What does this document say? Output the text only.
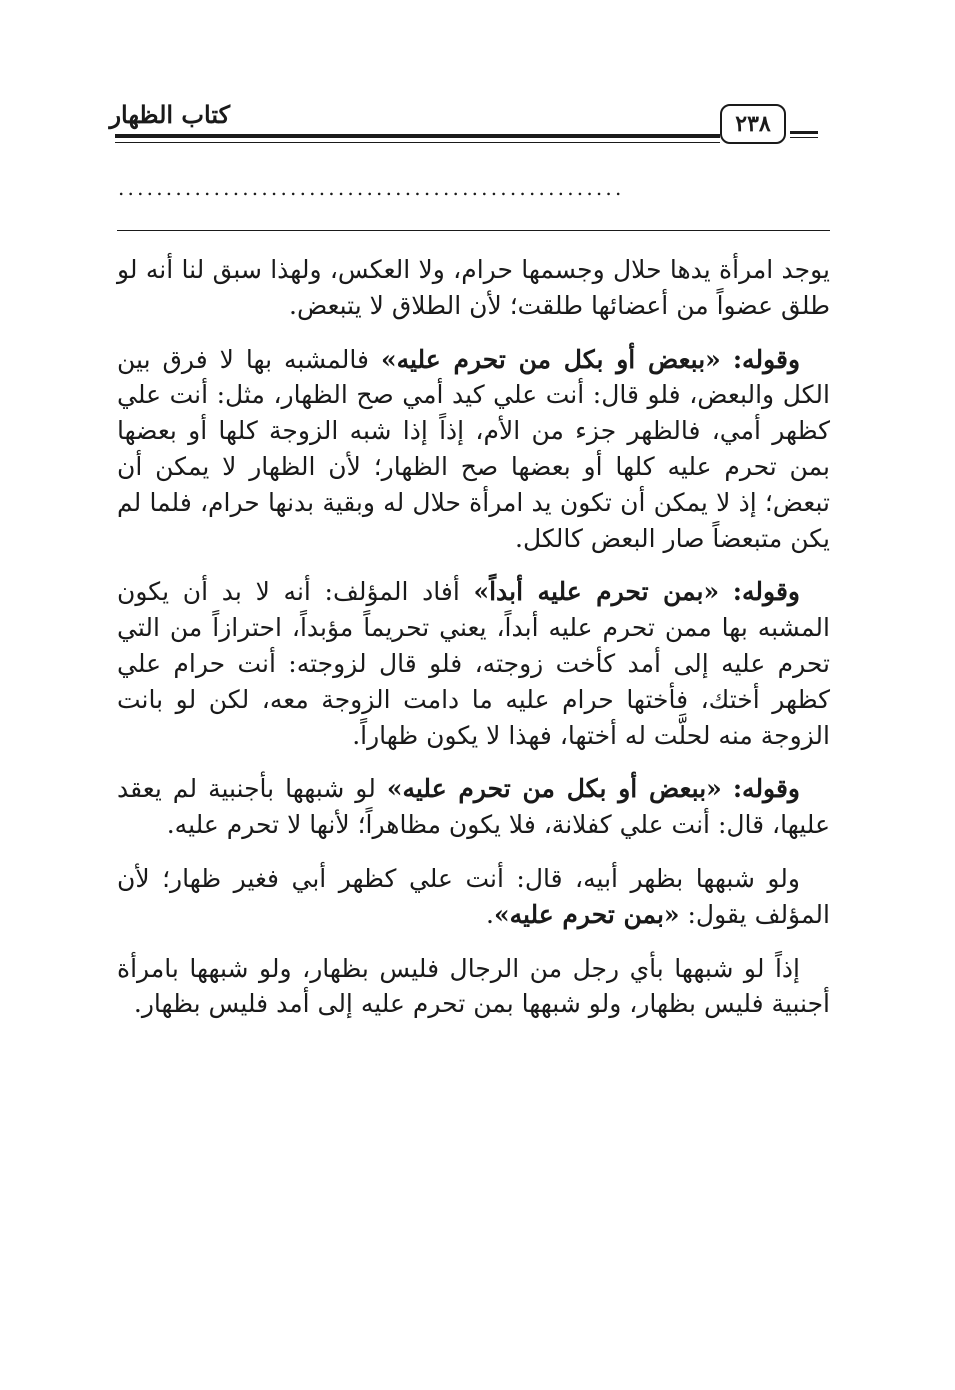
كتاب الظهار	٢٣٨
.....................................................

يوجد امرأة يدها حلال وجسمها حرام، ولا العكس، ولهذا سبق لنا أنه لو طلق عضواً من أعضائها طلقت؛ لأن الطلاق لا يتبعض.

وقوله: «ببعض أو بكل من تحرم عليه» فالمشبه بها لا فرق بين الكل والبعض، فلو قال: أنت علي كيد أمي صح الظهار، مثل: أنت علي كظهر أمي، فالظهر جزء من الأم، إذاً إذا شبه الزوجة كلها أو بعضها بمن تحرم عليه كلها أو بعضها صح الظهار؛ لأن الظهار لا يمكن أن تبعض؛ إذ لا يمكن أن تكون يد امرأة حلال له وبقية بدنها حرام، فلما لم يكن متبعضاً صار البعض كالكل.

وقوله: «بمن تحرم عليه أبداً» أفاد المؤلف: أنه لا بد أن يكون المشبه بها ممن تحرم عليه أبداً، يعني تحريماً مؤبداً، احترازاً من التي تحرم عليه إلى أمد كأخت زوجته، فلو قال لزوجته: أنت حرام علي كظهر أختك، فأختها حرام عليه ما دامت الزوجة معه، لكن لو بانت الزوجة منه لحلَّت له أختها، فهذا لا يكون ظهاراً.

وقوله: «ببعض أو بكل من تحرم عليه» لو شبهها بأجنبية لم يعقد عليها، قال: أنت علي كفلانة، فلا يكون مظاهراً؛ لأنها لا تحرم عليه.

ولو شبهها بظهر أبيه، قال: أنت علي كظهر أبي فغير ظهار؛ لأن المؤلف يقول: «بمن تحرم عليه».

إذاً لو شبهها بأي رجل من الرجال فليس بظهار، ولو شبهها بامرأة أجنبية فليس بظهار، ولو شبهها بمن تحرم عليه إلى أمد فليس بظهار.
